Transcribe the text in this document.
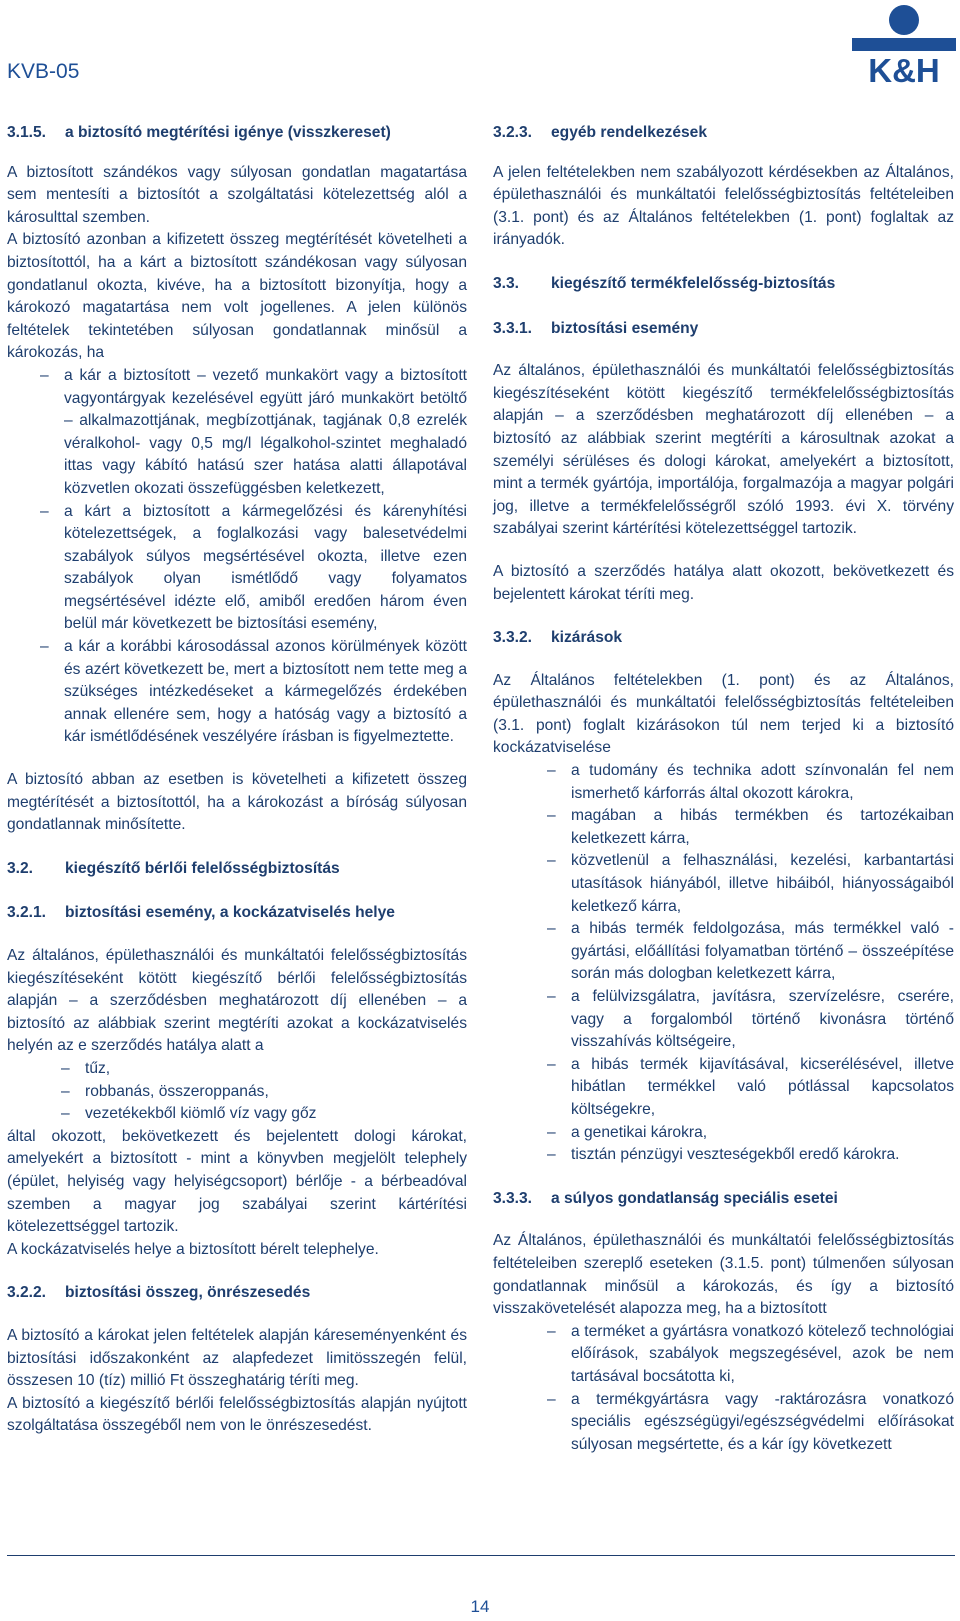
KVB-05	K&H
3.1.5. a biztosító megtérítési igénye (visszkereset)

A biztosított szándékos vagy súlyosan gondatlan magatartása sem mentesíti a biztosítót a szolgáltatási kötelezettség alól a károsulttal szemben.

A biztosító azonban a kifizetett összeg megtérítését követelheti a biztosítottól, ha a kárt a biztosított szándékosan vagy súlyosan gondatlanul okozta, kivéve, ha a biztosított bizonyítja, hogy a károkozó magatartása nem volt jogellenes. A jelen különös feltételek tekintetében súlyosan gondatlannak minősül a károkozás, ha

– a kár a biztosított – vezető munkakört vagy a biztosított vagyontárgyak kezelésével együtt járó munkakört betöltő – alkalmazottjának, megbízottjának, tagjának 0,8 ezrelék véralkohol- vagy 0,5 mg/l légalkohol-szintet meghaladó ittas vagy kábító hatású szer hatása alatti állapotával közvetlen okozati összefüggésben keletkezett,
– a kárt a biztosított a kármegelőzési és kárenyhítési kötelezettségek, a foglalkozási vagy balesetvédelmi szabályok súlyos megsértésével okozta, illetve ezen szabályok olyan ismétlődő vagy folyamatos megsértésével idézte elő, amiből eredően három éven belül már következett be biztosítási esemény,
– a kár a korábbi károsodással azonos körülmények között és azért következett be, mert a biztosított nem tette meg a szükséges intézkedéseket a kármegelőzés érdekében annak ellenére sem, hogy a hatóság vagy a biztosító a kár ismétlődésének veszélyére írásban is figyelmeztette.

A biztosító abban az esetben is követelheti a kifizetett összeg megtérítését a biztosítottól, ha a károkozást a bíróság súlyosan gondatlannak minősítette.

3.2. kiegészítő bérlői felelősségbiztosítás
3.2.1. biztosítási esemény, a kockázatviselés helye

Az általános, épülethasználói és munkáltatói felelősségbiztosítás kiegészítéseként kötött kiegészítő bérlői felelősségbiztosítás alapján – a szerződésben meghatározott díj ellenében – a biztosító az alábbiak szerint megtéríti azokat a kockázatviselés helyén az e szerződés hatálya alatt a

– tűz,
– robbanás, összeroppanás,
– vezetékekből kiömlő víz vagy gőz

által okozott, bekövetkezett és bejelentett dologi károkat, amelyekért a biztosított - mint a könyvben megjelölt telephely (épület, helyiség vagy helyiségcsoport) bérlője - a bérbeadóval szemben a magyar jog szabályai szerint kártérítési kötelezettséggel tartozik.

A kockázatviselés helye a biztosított bérelt telephelye.

3.2.2. biztosítási összeg, önrészesedés

A biztosító a károkat jelen feltételek alapján káreseményenként és biztosítási időszakonként az alapfedezet limitösszegén felül, összesen 10 (tíz) millió Ft összeghatárig téríti meg.

A biztosító a kiegészítő bérlői felelősségbiztosítás alapján nyújtott szolgáltatása összegéből nem von le önrészesedést.

3.2.3. egyéb rendelkezések

A jelen feltételekben nem szabályozott kérdésekben az Általános, épülethasználói és munkáltatói felelősségbiztosítás feltételeiben (3.1. pont) és az Általános feltételekben (1. pont) foglaltak az irányadók.

3.3. kiegészítő termékfelelősség-biztosítás
3.3.1. biztosítási esemény

Az általános, épülethasználói és munkáltatói felelősségbiztosítás kiegészítéseként kötött kiegészítő termékfelelősségbiztosítás alapján – a szerződésben meghatározott díj ellenében – a biztosító az alábbiak szerint megtéríti a károsultnak azokat a személyi sérüléses és dologi károkat, amelyekért a biztosított, mint a termék gyártója, importálója, forgalmazója a magyar polgári jog, illetve a termékfelelősségről szóló 1993. évi X. törvény szabályai szerint kártérítési kötelezettséggel tartozik.

A biztosító a szerződés hatálya alatt okozott, bekövetkezett és bejelentett károkat téríti meg.

3.3.2. kizárások

Az Általános feltételekben (1. pont) és az Általános, épülethasználói és munkáltatói felelősségbiztosítás feltételeiben (3.1. pont) foglalt kizárásokon túl nem terjed ki a biztosító kockázatviselése

– a tudomány és technika adott színvonalán fel nem ismerhető kárforrás által okozott károkra,
– magában a hibás termékben és tartozékaiban keletkezett kárra,
– közvetlenül a felhasználási, kezelési, karbantartási utasítások hiányából, illetve hibáiból, hiányosságaiból keletkező kárra,
– a hibás termék feldolgozása, más termékkel való - gyártási, előállítási folyamatban történő – összeépítése során más dologban keletkezett kárra,
– a felülvizsgálatra, javításra, szervízelésre, cserére, vagy a forgalomból történő kivonásra történő visszahívás költségeire,
– a hibás termék kijavításával, kicserélésével, illetve hibátlan termékkel való pótlással kapcsolatos költségekre,
– a genetikai károkra,
– tisztán pénzügyi veszteségekből eredő károkra.
3.3.3. a súlyos gondatlanság speciális esetei

Az Általános, épülethasználói és munkáltatói felelősségbiztosítás feltételeiben szereplő eseteken (3.1.5. pont) túlmenően súlyosan gondatlannak minősül a károkozás, és így a biztosító visszakövetelését alapozza meg, ha a biztosított

– a terméket a gyártásra vonatkozó kötelező technológiai előírások, szabályok megszegésével, azok be nem tartásával bocsátotta ki,
– a termékgyártásra vagy -raktározásra vonatkozó speciális egészségügyi/egészségvédelmi előírásokat súlyosan megsértette, és a kár így következett
14
